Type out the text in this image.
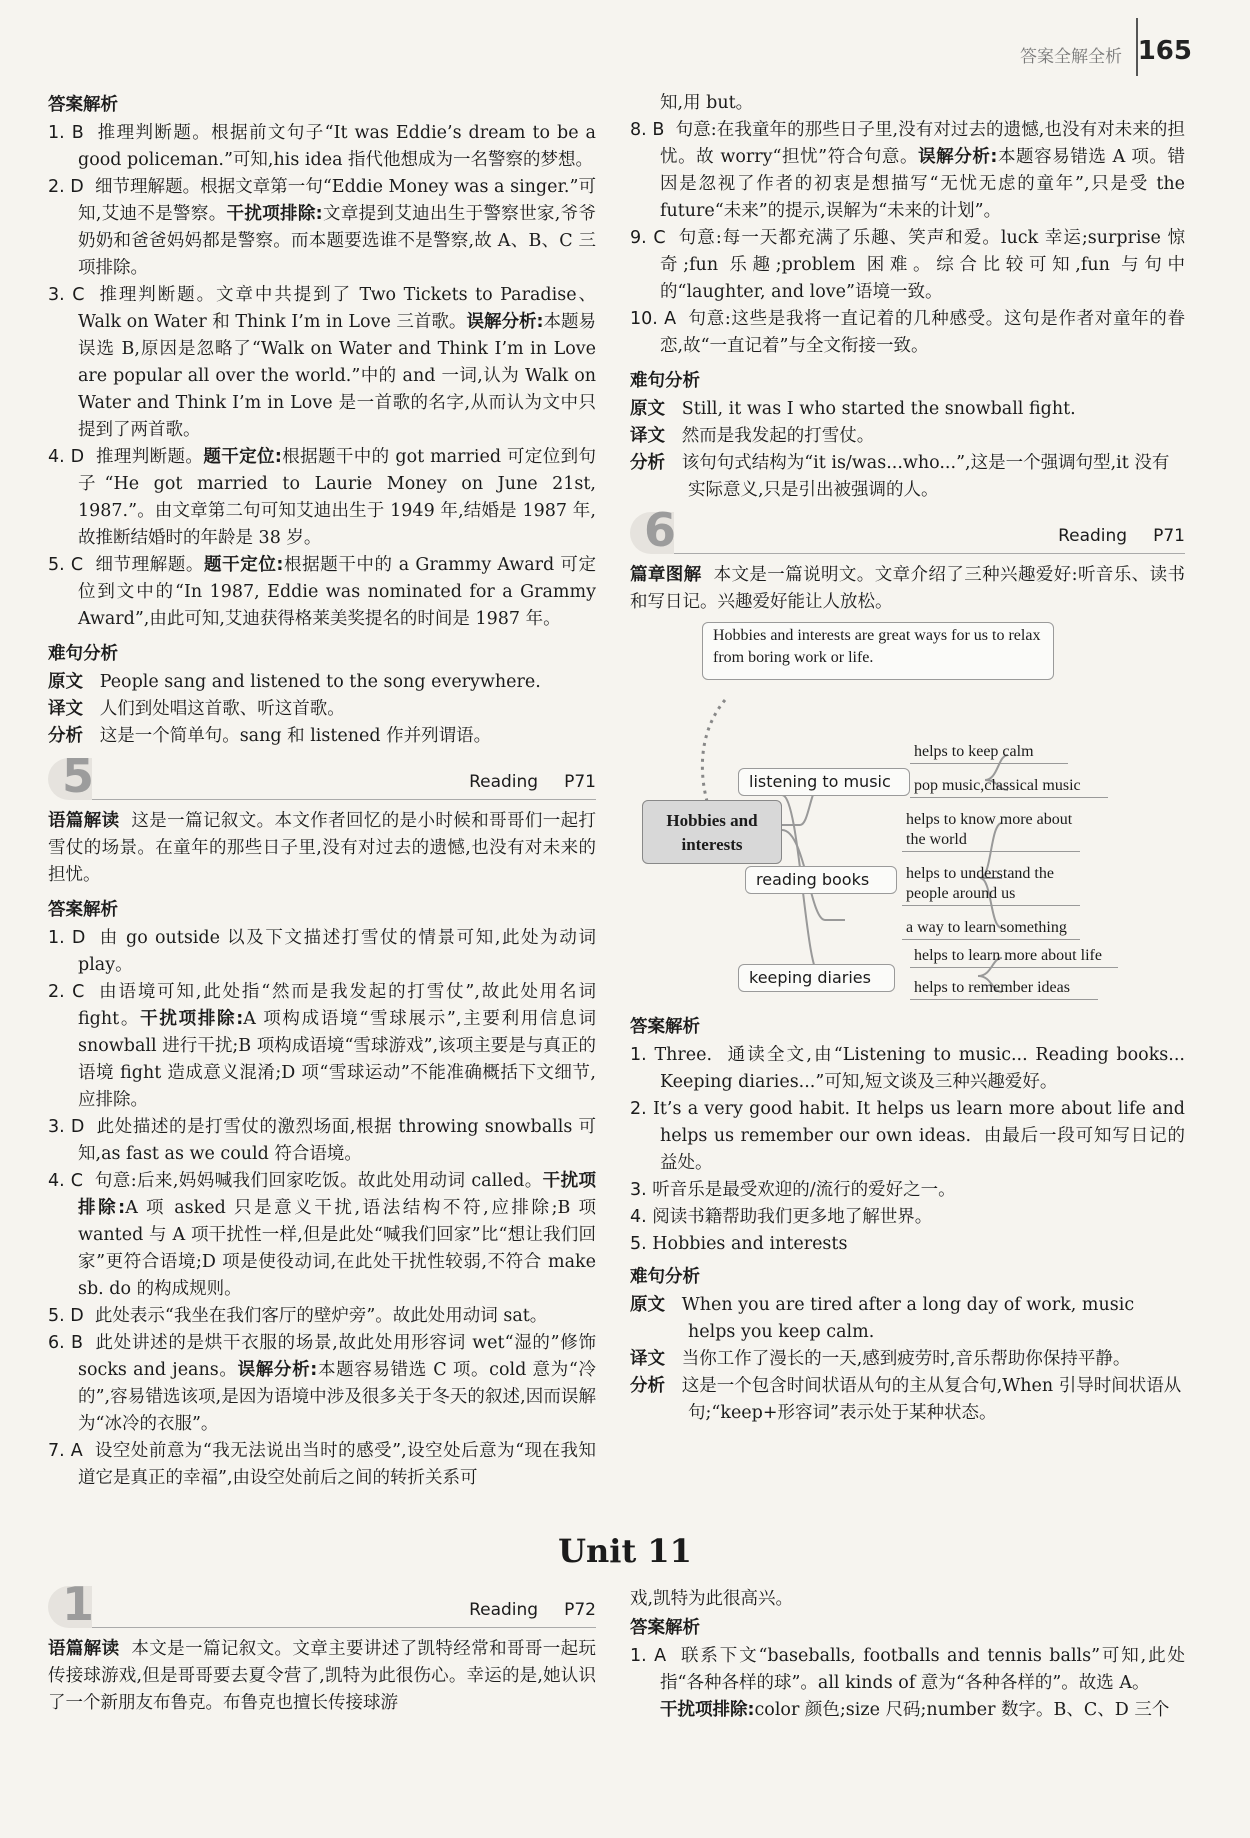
答案全解全析 165
答案解析

1. B 推理判断题。根据前文句子“It was Eddie’s dream to be a good policeman.”可知,his idea 指代他想成为一名警察的梦想。

2. D 细节理解题。根据文章第一句“Eddie Money was a singer.”可知,艾迪不是警察。干扰项排除:文章提到艾迪出生于警察世家,爷爷奶奶和爸爸妈妈都是警察。而本题要选谁不是警察,故 A、B、C 三项排除。

3. C 推理判断题。文章中共提到了 Two Tickets to Paradise、Walk on Water 和 Think I’m in Love 三首歌。误解分析:本题易误选 B,原因是忽略了“Walk on Water and Think I’m in Love are popular all over the world.”中的 and 一词,认为 Walk on Water and Think I’m in Love 是一首歌的名字,从而认为文中只提到了两首歌。

4. D 推理判断题。题干定位:根据题干中的 got married 可定位到句子“He got married to Laurie Money on June 21st, 1987.”。由文章第二句可知艾迪出生于 1949 年,结婚是 1987 年,故推断结婚时的年龄是 38 岁。

5. C 细节理解题。题干定位:根据题干中的 a Grammy Award 可定位到文中的“In 1987, Eddie was nominated for a Grammy Award”,由此可知,艾迪获得格莱美奖提名的时间是 1987 年。

难句分析

原文 People sang and listened to the song everywhere.

译文 人们到处唱这首歌、听这首歌。

分析 这是一个简单句。sang 和 listened 作并列谓语。

5	Reading P71

语篇解读 这是一篇记叙文。本文作者回忆的是小时候和哥哥们一起打雪仗的场景。在童年的那些日子里,没有对过去的遗憾,也没有对未来的担忧。

答案解析

1. D 由 go outside 以及下文描述打雪仗的情景可知,此处为动词 play。

2. C 由语境可知,此处指“然而是我发起的打雪仗”,故此处用名词 fight。干扰项排除:A 项构成语境“雪球展示”,主要利用信息词 snowball 进行干扰;B 项构成语境“雪球游戏”,该项主要是与真正的语境 fight 造成意义混淆;D 项“雪球运动”不能准确概括下文细节,应排除。

3. D 此处描述的是打雪仗的激烈场面,根据 throwing snowballs 可知,as fast as we could 符合语境。

4. C 句意:后来,妈妈喊我们回家吃饭。故此处用动词 called。干扰项排除:A 项 asked 只是意义干扰,语法结构不符,应排除;B 项 wanted 与 A 项干扰性一样,但是此处“喊我们回家”比“想让我们回家”更符合语境;D 项是使役动词,在此处干扰性较弱,不符合 make sb. do 的构成规则。

5. D 此处表示“我坐在我们客厅的壁炉旁”。故此处用动词 sat。

6. B 此处讲述的是烘干衣服的场景,故此处用形容词 wet“湿的”修饰 socks and jeans。误解分析:本题容易错选 C 项。cold 意为“冷的”,容易错选该项,是因为语境中涉及很多关于冬天的叙述,因而误解为“冰冷的衣服”。

7. A 设空处前意为“我无法说出当时的感受”,设空处后意为“现在我知道它是真正的幸福”,由设空处前后之间的转折关系可

知,用 but。

8. B 句意:在我童年的那些日子里,没有对过去的遗憾,也没有对未来的担忧。故 worry“担忧”符合句意。误解分析:本题容易错选 A 项。错因是忽视了作者的初衷是想描写“无忧无虑的童年”,只是受 the future“未来”的提示,误解为“未来的计划”。

9. C 句意:每一天都充满了乐趣、笑声和爱。luck 幸运;surprise 惊奇;fun 乐趣;problem 困难。综合比较可知,fun 与句中的“laughter, and love”语境一致。

10. A 句意:这些是我将一直记着的几种感受。这句是作者对童年的眷恋,故“一直记着”与全文衔接一致。

难句分析

原文 Still, it was I who started the snowball fight.

译文 然而是我发起的打雪仗。

分析 该句句式结构为“it is/was...who...”,这是一个强调句型,it 没有实际意义,只是引出被强调的人。

6	Reading P71

篇章图解 本文是一篇说明文。文章介绍了三种兴趣爱好:听音乐、读书和写日记。兴趣爱好能让人放松。

Hobbies and interests are great ways for us to relax from boring work or life.
Hobbies and interests
listening to music
helps to keep calm
pop music,classical music
reading books
helps to know more about the world
helps to understand the people around us
a way to learn something
keeping diaries
helps to learn more about life
helps to remember ideas
答案解析

1. Three. 通读全文,由“Listening to music... Reading books... Keeping diaries...”可知,短文谈及三种兴趣爱好。

2. It’s a very good habit. It helps us learn more about life and helps us remember our own ideas. 由最后一段可知写日记的益处。

3. 听音乐是最受欢迎的/流行的爱好之一。

4. 阅读书籍帮助我们更多地了解世界。

5. Hobbies and interests

难句分析

原文 When you are tired after a long day of work, music helps you keep calm.

译文 当你工作了漫长的一天,感到疲劳时,音乐帮助你保持平静。

分析 这是一个包含时间状语从句的主从复合句,When 引导时间状语从句;“keep+形容词”表示处于某种状态。

Unit 11
1	Reading P72

语篇解读 本文是一篇记叙文。文章主要讲述了凯特经常和哥哥一起玩传接球游戏,但是哥哥要去夏令营了,凯特为此很伤心。幸运的是,她认识了一个新朋友布鲁克。布鲁克也擅长传接球游

戏,凯特为此很高兴。

答案解析

1. A 联系下文“baseballs, footballs and tennis balls”可知,此处指“各种各样的球”。all kinds of 意为“各种各样的”。故选 A。
干扰项排除:color 颜色;size 尺码;number 数字。B、C、D 三个
